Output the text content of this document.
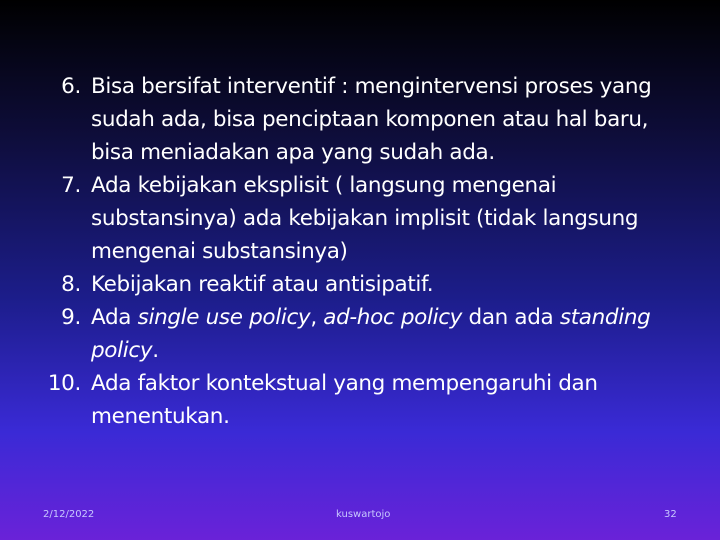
6. Bisa bersifat interventif : mengintervensi proses yang sudah ada, bisa penciptaan komponen atau hal baru, bisa meniadakan apa yang sudah ada.
7. Ada kebijakan eksplisit ( langsung mengenai substansinya) ada kebijakan implisit (tidak langsung mengenai substansinya)
8. Kebijakan reaktif atau antisipatif.
9. Ada single use policy, ad-hoc policy dan ada standing policy.
10. Ada faktor kontekstual yang mempengaruhi dan menentukan.
2/12/2022	kuswartojo	32
